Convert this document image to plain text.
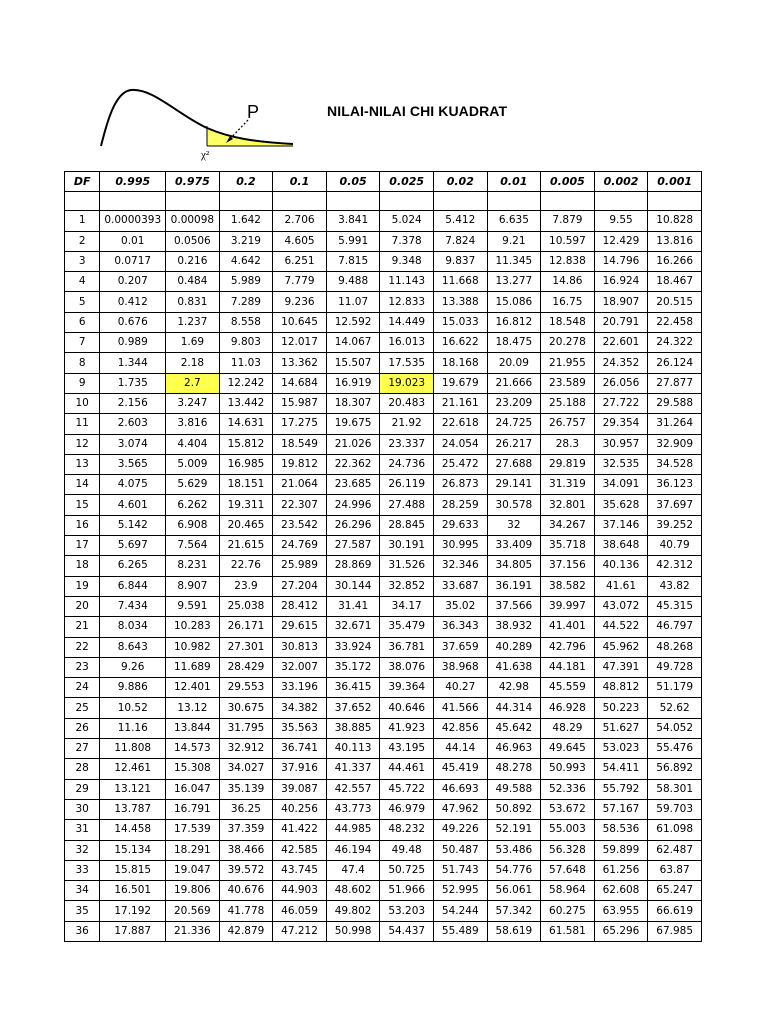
P
χ²
NILAI-NILAI CHI KUADRAT
DF	0.995	0.975	0.2	0.1	0.05	0.025	0.02	0.01	0.005	0.002	0.001

1	0.0000393	0.00098	1.642	2.706	3.841	5.024	5.412	6.635	7.879	9.55	10.828
2	0.01	0.0506	3.219	4.605	5.991	7.378	7.824	9.21	10.597	12.429	13.816
3	0.0717	0.216	4.642	6.251	7.815	9.348	9.837	11.345	12.838	14.796	16.266
4	0.207	0.484	5.989	7.779	9.488	11.143	11.668	13.277	14.86	16.924	18.467
5	0.412	0.831	7.289	9.236	11.07	12.833	13.388	15.086	16.75	18.907	20.515
6	0.676	1.237	8.558	10.645	12.592	14.449	15.033	16.812	18.548	20.791	22.458
7	0.989	1.69	9.803	12.017	14.067	16.013	16.622	18.475	20.278	22.601	24.322
8	1.344	2.18	11.03	13.362	15.507	17.535	18.168	20.09	21.955	24.352	26.124
9	1.735	2.7	12.242	14.684	16.919	19.023	19.679	21.666	23.589	26.056	27.877
10	2.156	3.247	13.442	15.987	18.307	20.483	21.161	23.209	25.188	27.722	29.588
11	2.603	3.816	14.631	17.275	19.675	21.92	22.618	24.725	26.757	29.354	31.264
12	3.074	4.404	15.812	18.549	21.026	23.337	24.054	26.217	28.3	30.957	32.909
13	3.565	5.009	16.985	19.812	22.362	24.736	25.472	27.688	29.819	32.535	34.528
14	4.075	5.629	18.151	21.064	23.685	26.119	26.873	29.141	31.319	34.091	36.123
15	4.601	6.262	19.311	22.307	24.996	27.488	28.259	30.578	32.801	35.628	37.697
16	5.142	6.908	20.465	23.542	26.296	28.845	29.633	32	34.267	37.146	39.252
17	5.697	7.564	21.615	24.769	27.587	30.191	30.995	33.409	35.718	38.648	40.79
18	6.265	8.231	22.76	25.989	28.869	31.526	32.346	34.805	37.156	40.136	42.312
19	6.844	8.907	23.9	27.204	30.144	32.852	33.687	36.191	38.582	41.61	43.82
20	7.434	9.591	25.038	28.412	31.41	34.17	35.02	37.566	39.997	43.072	45.315
21	8.034	10.283	26.171	29.615	32.671	35.479	36.343	38.932	41.401	44.522	46.797
22	8.643	10.982	27.301	30.813	33.924	36.781	37.659	40.289	42.796	45.962	48.268
23	9.26	11.689	28.429	32.007	35.172	38.076	38.968	41.638	44.181	47.391	49.728
24	9.886	12.401	29.553	33.196	36.415	39.364	40.27	42.98	45.559	48.812	51.179
25	10.52	13.12	30.675	34.382	37.652	40.646	41.566	44.314	46.928	50.223	52.62
26	11.16	13.844	31.795	35.563	38.885	41.923	42.856	45.642	48.29	51.627	54.052
27	11.808	14.573	32.912	36.741	40.113	43.195	44.14	46.963	49.645	53.023	55.476
28	12.461	15.308	34.027	37.916	41.337	44.461	45.419	48.278	50.993	54.411	56.892
29	13.121	16.047	35.139	39.087	42.557	45.722	46.693	49.588	52.336	55.792	58.301
30	13.787	16.791	36.25	40.256	43.773	46.979	47.962	50.892	53.672	57.167	59.703
31	14.458	17.539	37.359	41.422	44.985	48.232	49.226	52.191	55.003	58.536	61.098
32	15.134	18.291	38.466	42.585	46.194	49.48	50.487	53.486	56.328	59.899	62.487
33	15.815	19.047	39.572	43.745	47.4	50.725	51.743	54.776	57.648	61.256	63.87
34	16.501	19.806	40.676	44.903	48.602	51.966	52.995	56.061	58.964	62.608	65.247
35	17.192	20.569	41.778	46.059	49.802	53.203	54.244	57.342	60.275	63.955	66.619
36	17.887	21.336	42.879	47.212	50.998	54.437	55.489	58.619	61.581	65.296	67.985
